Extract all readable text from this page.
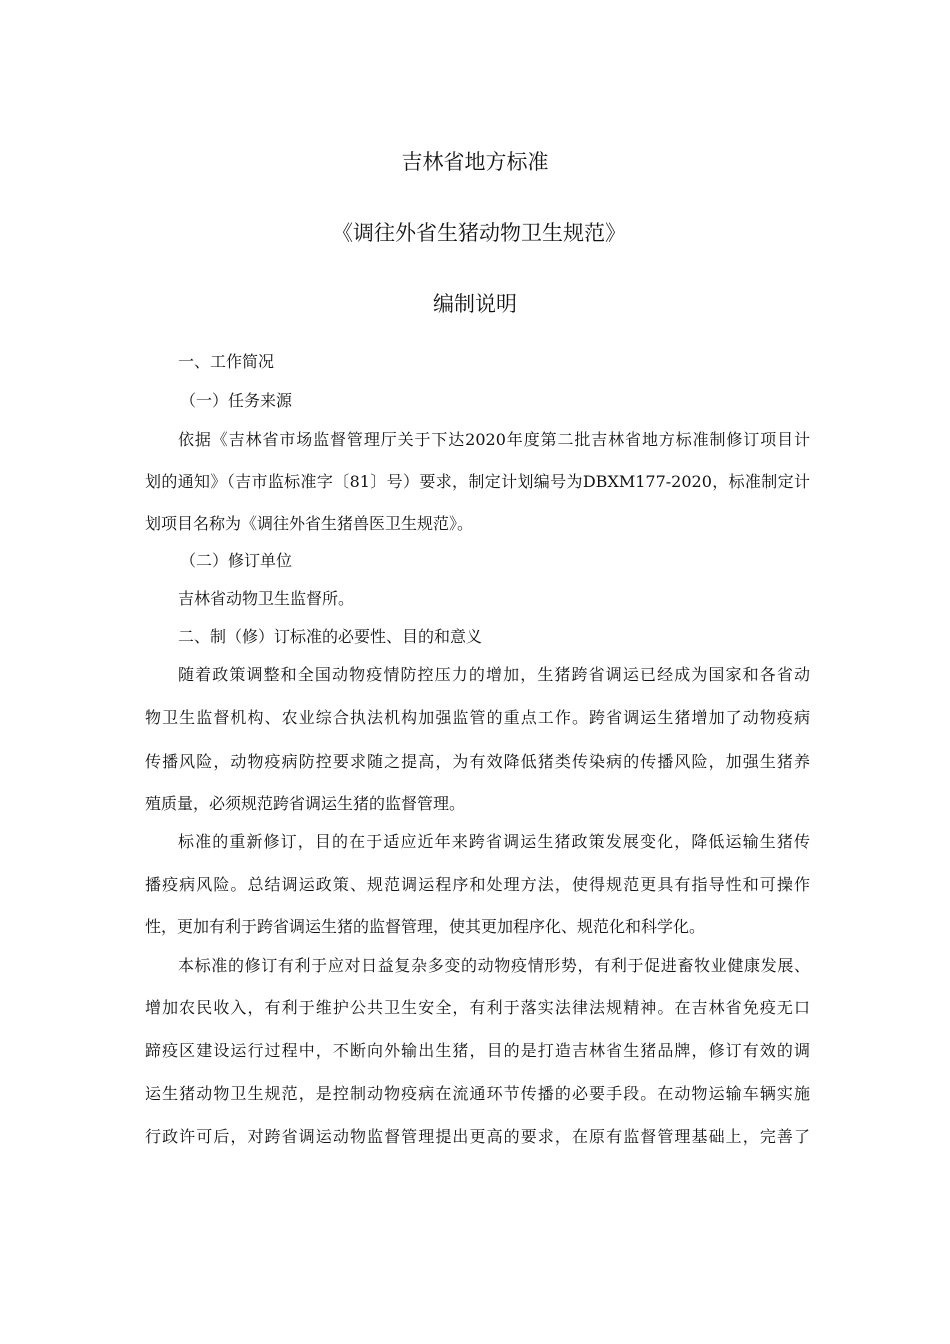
吉林省地方标准
《调往外省生猪动物卫生规范》
编制说明
一、工作简况
（一）任务来源
依据《吉林省市场监督管理厅关于下达2020年度第二批吉林省地方标准制修订项目计
划的通知》（吉市监标准字〔81〕号）要求，制定计划编号为DBXM177-2020，标准制定计
划项目名称为《调往外省生猪兽医卫生规范》。
（二）修订单位
吉林省动物卫生监督所。
二、制（修）订标准的必要性、目的和意义
随着政策调整和全国动物疫情防控压力的增加，生猪跨省调运已经成为国家和各省动
物卫生监督机构、农业综合执法机构加强监管的重点工作。跨省调运生猪增加了动物疫病
传播风险，动物疫病防控要求随之提高，为有效降低猪类传染病的传播风险，加强生猪养
殖质量，必须规范跨省调运生猪的监督管理。
标准的重新修订，目的在于适应近年来跨省调运生猪政策发展变化，降低运输生猪传
播疫病风险。总结调运政策、规范调运程序和处理方法，使得规范更具有指导性和可操作
性，更加有利于跨省调运生猪的监督管理，使其更加程序化、规范化和科学化。
本标准的修订有利于应对日益复杂多变的动物疫情形势，有利于促进畜牧业健康发展、
增加农民收入，有利于维护公共卫生安全，有利于落实法律法规精神。在吉林省免疫无口
蹄疫区建设运行过程中，不断向外输出生猪，目的是打造吉林省生猪品牌，修订有效的调
运生猪动物卫生规范，是控制动物疫病在流通环节传播的必要手段。在动物运输车辆实施
行政许可后，对跨省调运动物监督管理提出更高的要求，在原有监督管理基础上，完善了
